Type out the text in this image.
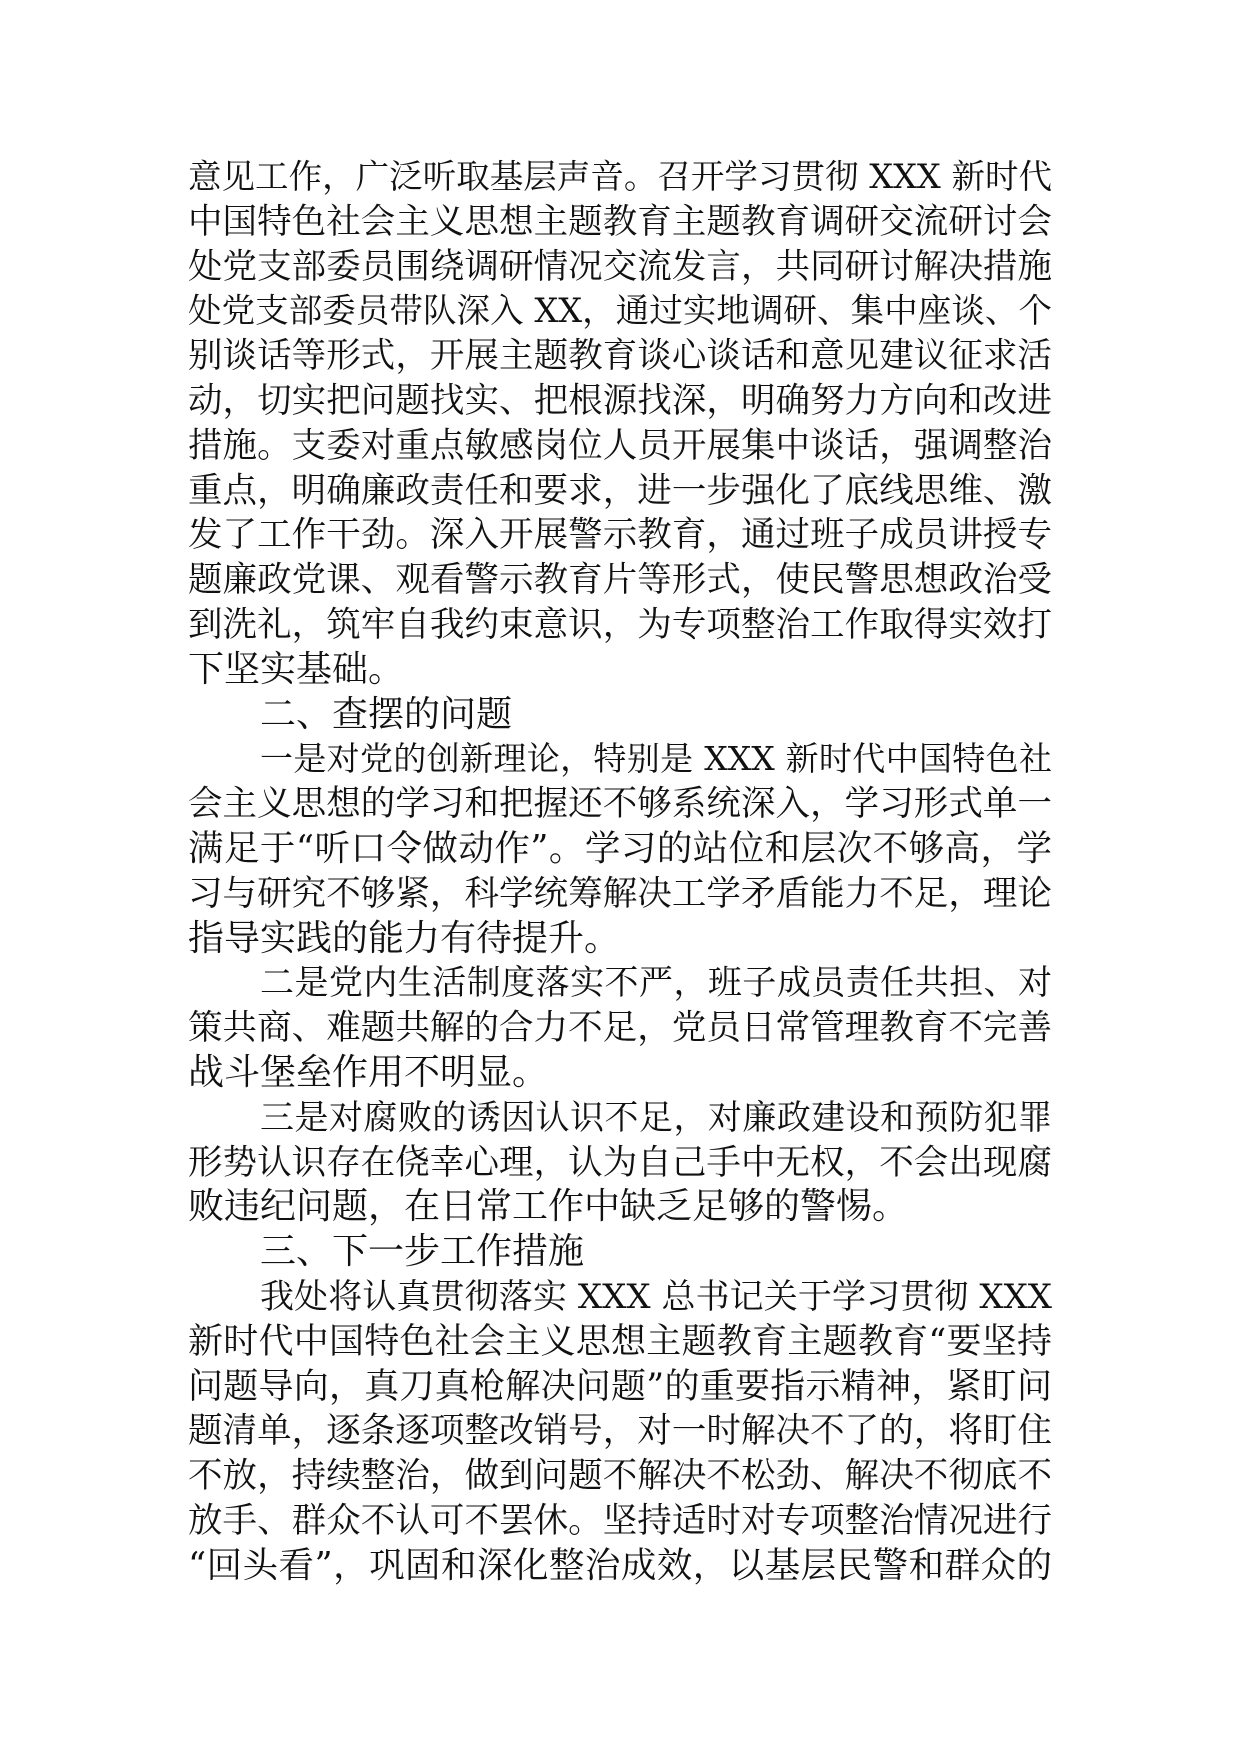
意见工作，广泛听取基层声音。召开学习贯彻 XXX 新时代
中国特色社会主义思想主题教育主题教育调研交流研讨会
处党支部委员围绕调研情况交流发言，共同研讨解决措施
处党支部委员带队深入 XX，通过实地调研、集中座谈、个
别谈话等形式，开展主题教育谈心谈话和意见建议征求活
动，切实把问题找实、把根源找深，明确努力方向和改进
措施。支委对重点敏感岗位人员开展集中谈话，强调整治
重点，明确廉政责任和要求，进一步强化了底线思维、激
发了工作干劲。深入开展警示教育，通过班子成员讲授专
题廉政党课、观看警示教育片等形式，使民警思想政治受
到洗礼，筑牢自我约束意识，为专项整治工作取得实效打
下坚实基础。
二、查摆的问题
一是对党的创新理论，特别是 XXX 新时代中国特色社
会主义思想的学习和把握还不够系统深入，学习形式单一
满足于“听口令做动作”。学习的站位和层次不够高，学
习与研究不够紧，科学统筹解决工学矛盾能力不足，理论
指导实践的能力有待提升。
二是党内生活制度落实不严，班子成员责任共担、对
策共商、难题共解的合力不足，党员日常管理教育不完善
战斗堡垒作用不明显。
三是对腐败的诱因认识不足，对廉政建设和预防犯罪
形势认识存在侥幸心理，认为自己手中无权，不会出现腐
败违纪问题，在日常工作中缺乏足够的警惕。
三、下一步工作措施
我处将认真贯彻落实 XXX 总书记关于学习贯彻 XXX
新时代中国特色社会主义思想主题教育主题教育“要坚持
问题导向，真刀真枪解决问题”的重要指示精神，紧盯问
题清单，逐条逐项整改销号，对一时解决不了的，将盯住
不放，持续整治，做到问题不解决不松劲、解决不彻底不
放手、群众不认可不罢休。坚持适时对专项整治情况进行
“回头看”，巩固和深化整治成效，以基层民警和群众的
